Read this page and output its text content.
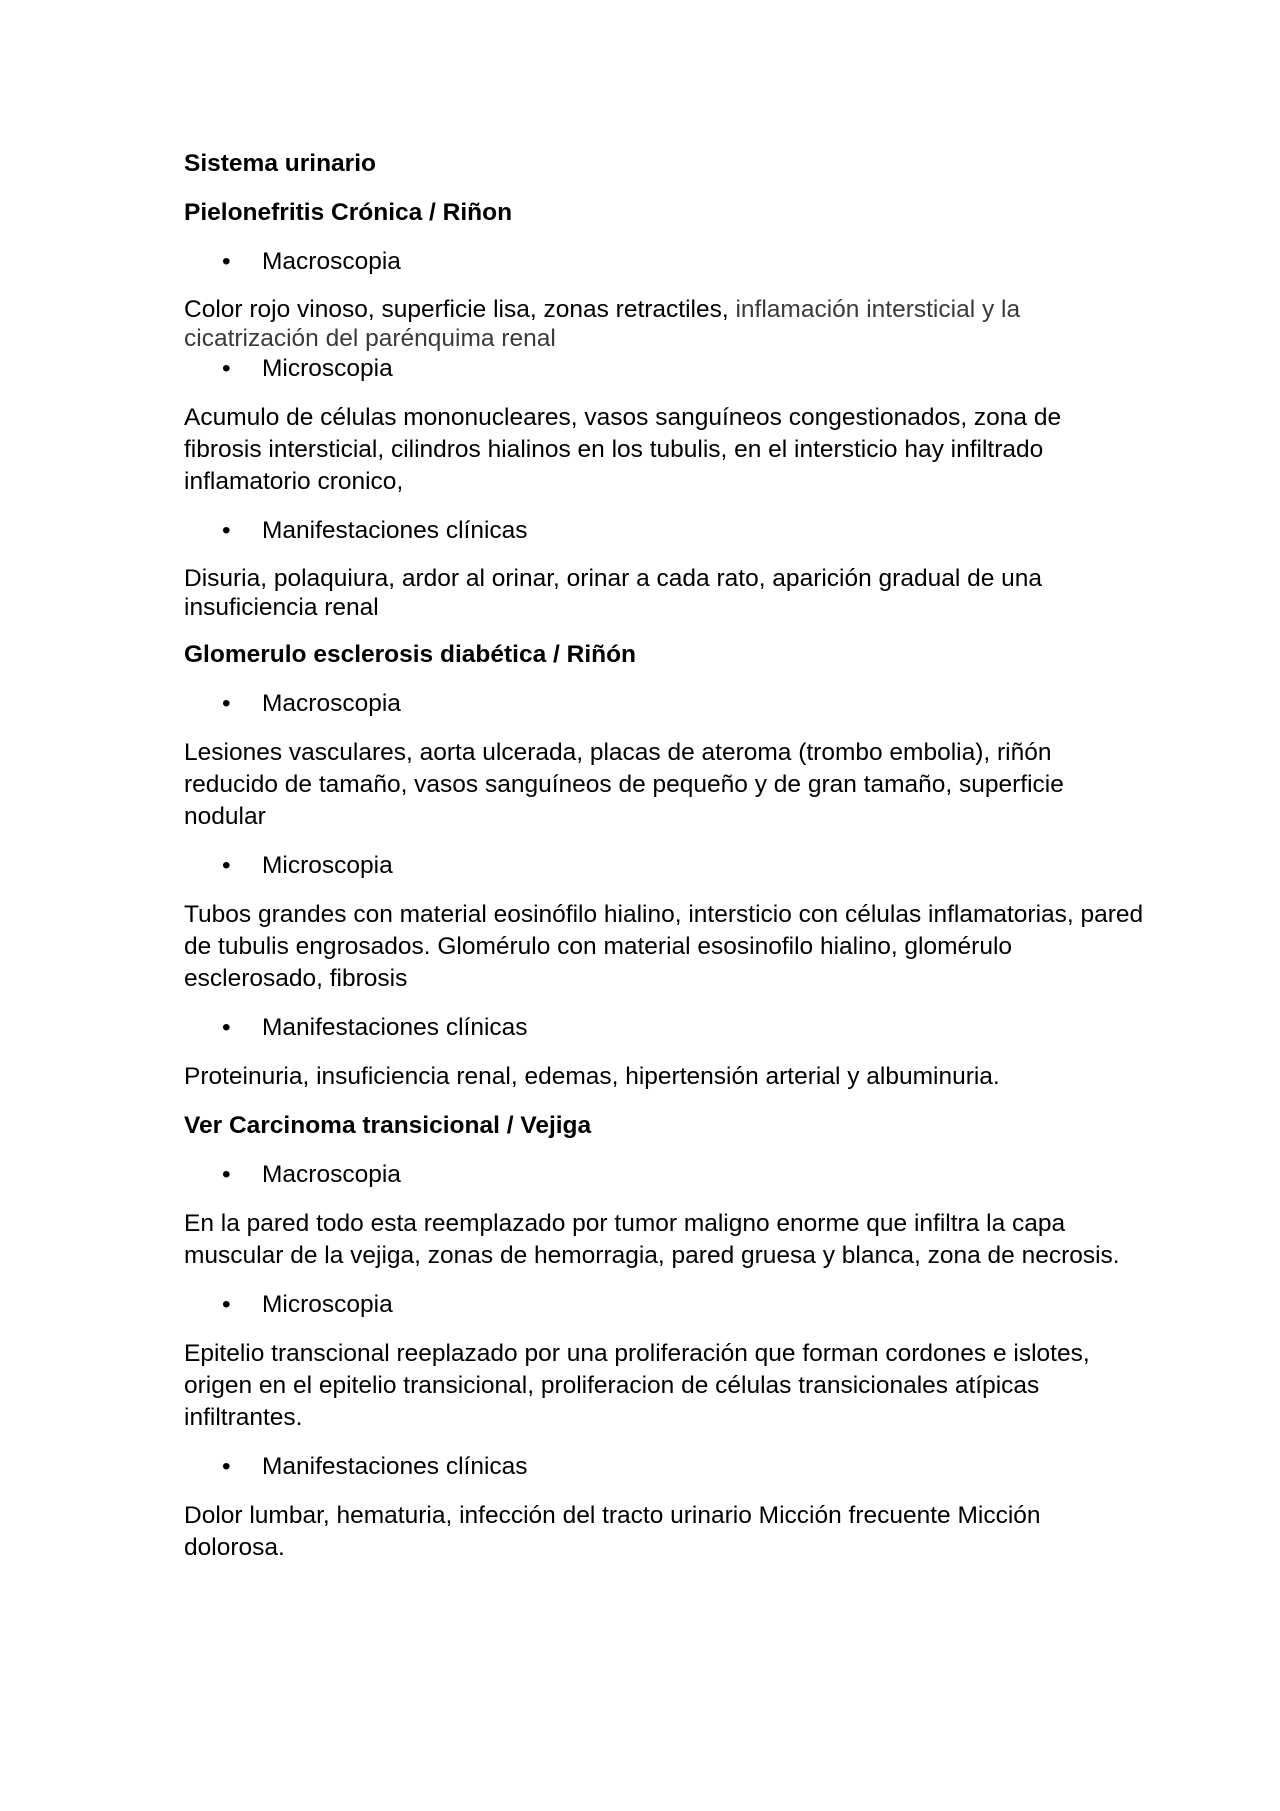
Sistema urinario
Pielonefritis Crónica / Riñon
• Macroscopia
Color rojo vinoso, superficie lisa, zonas retractiles, inflamación intersticial y la cicatrización del parénquima renal
• Microscopia
Acumulo de células mononucleares, vasos sanguíneos congestionados, zona de fibrosis intersticial, cilindros hialinos en los tubulis, en el intersticio hay infiltrado inflamatorio cronico,
• Manifestaciones clínicas
Disuria, polaquiura, ardor al orinar, orinar a cada rato, aparición gradual de una insuficiencia renal
Glomerulo esclerosis diabética / Riñón
• Macroscopia
Lesiones vasculares, aorta ulcerada, placas de ateroma (trombo embolia), riñón reducido de tamaño, vasos sanguíneos de pequeño y de gran tamaño, superficie nodular
• Microscopia
Tubos grandes con material eosinófilo hialino, intersticio con células inflamatorias, pared de tubulis engrosados. Glomérulo con material esosinofilo hialino, glomérulo esclerosado, fibrosis
• Manifestaciones clínicas
Proteinuria, insuficiencia renal, edemas, hipertensión arterial y albuminuria.
Ver Carcinoma transicional / Vejiga
• Macroscopia
En la pared todo esta reemplazado por tumor maligno enorme que infiltra la capa muscular de la vejiga, zonas de hemorragia, pared gruesa y blanca, zona de necrosis.
• Microscopia
Epitelio transcional reeplazado por una proliferación que forman cordones e islotes, origen en el epitelio transicional, proliferacion de células transicionales atípicas infiltrantes.
• Manifestaciones clínicas
Dolor lumbar, hematuria, infección del tracto urinario Micción frecuente Micción dolorosa.
